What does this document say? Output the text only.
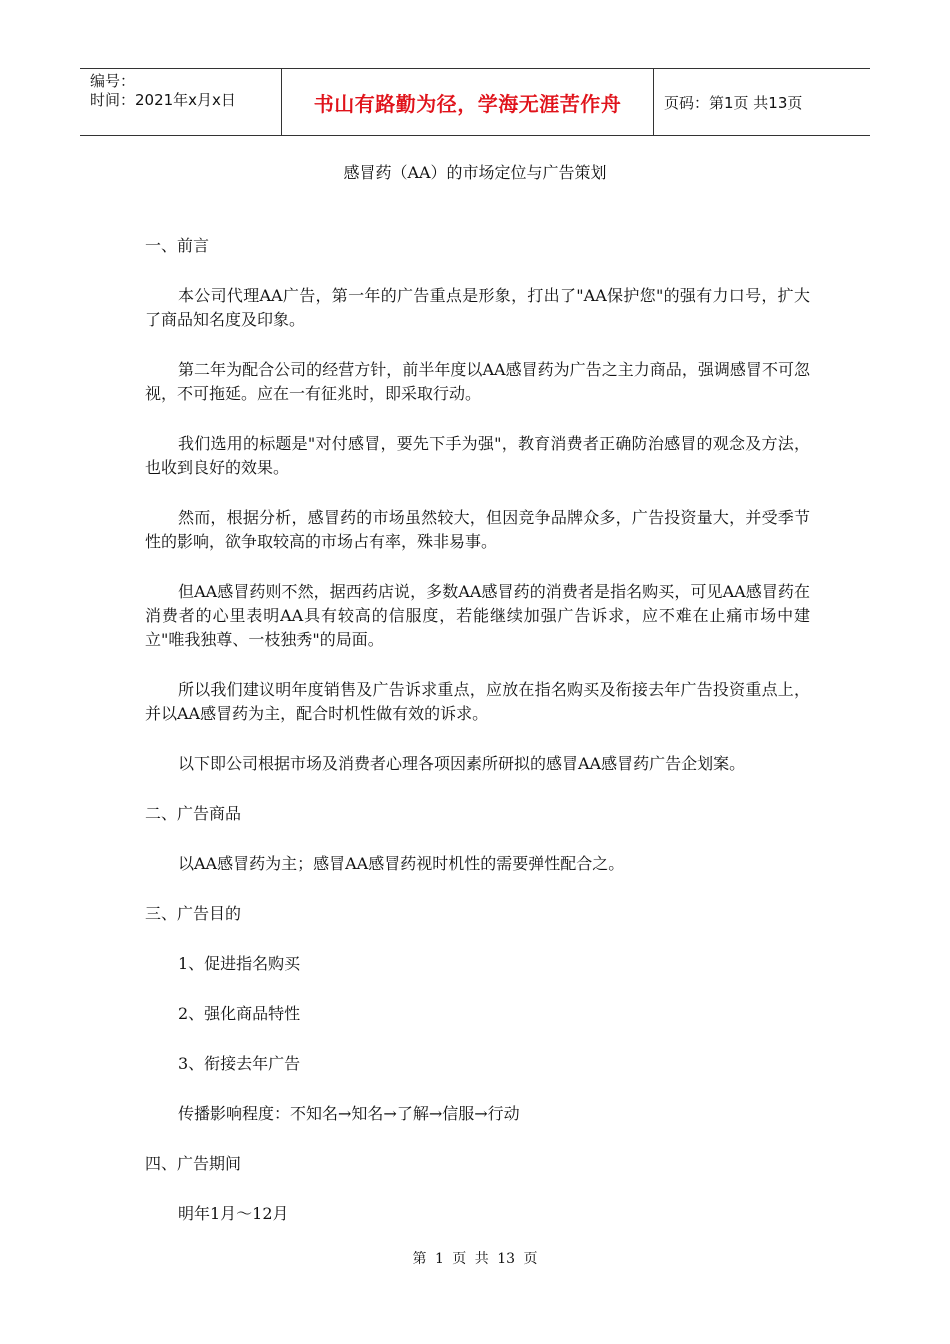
编号：
时间：2021年x月x日	书山有路勤为径，学海无涯苦作舟	页码：第1页 共13页
感冒药（AA）的市场定位与广告策划

一、前言

本公司代理AA广告，第一年的广告重点是形象，打出了"AA保护您"的强有力口号，扩大了商品知名度及印象。

第二年为配合公司的经营方针，前半年度以AA感冒药为广告之主力商品，强调感冒不可忽视，不可拖延。应在一有征兆时，即采取行动。

我们选用的标题是"对付感冒，要先下手为强"，教育消费者正确防治感冒的观念及方法，也收到良好的效果。

然而，根据分析，感冒药的市场虽然较大，但因竞争品牌众多，广告投资量大，并受季节性的影响，欲争取较高的市场占有率，殊非易事。

但AA感冒药则不然，据西药店说，多数AA感冒药的消费者是指名购买，可见AA感冒药在消费者的心里表明AA具有较高的信服度，若能继续加强广告诉求，应不难在止痛市场中建立"唯我独尊、一枝独秀"的局面。

所以我们建议明年度销售及广告诉求重点，应放在指名购买及衔接去年广告投资重点上，并以AA感冒药为主，配合时机性做有效的诉求。

以下即公司根据市场及消费者心理各项因素所研拟的感冒AA感冒药广告企划案。

二、广告商品

以AA感冒药为主；感冒AA感冒药视时机性的需要弹性配合之。

三、广告目的

1、促进指名购买

2、强化商品特性

3、衔接去年广告

传播影响程度：不知名→知名→了解→信服→行动

四、广告期间

明年1月～12月

第 1 页 共 13 页
